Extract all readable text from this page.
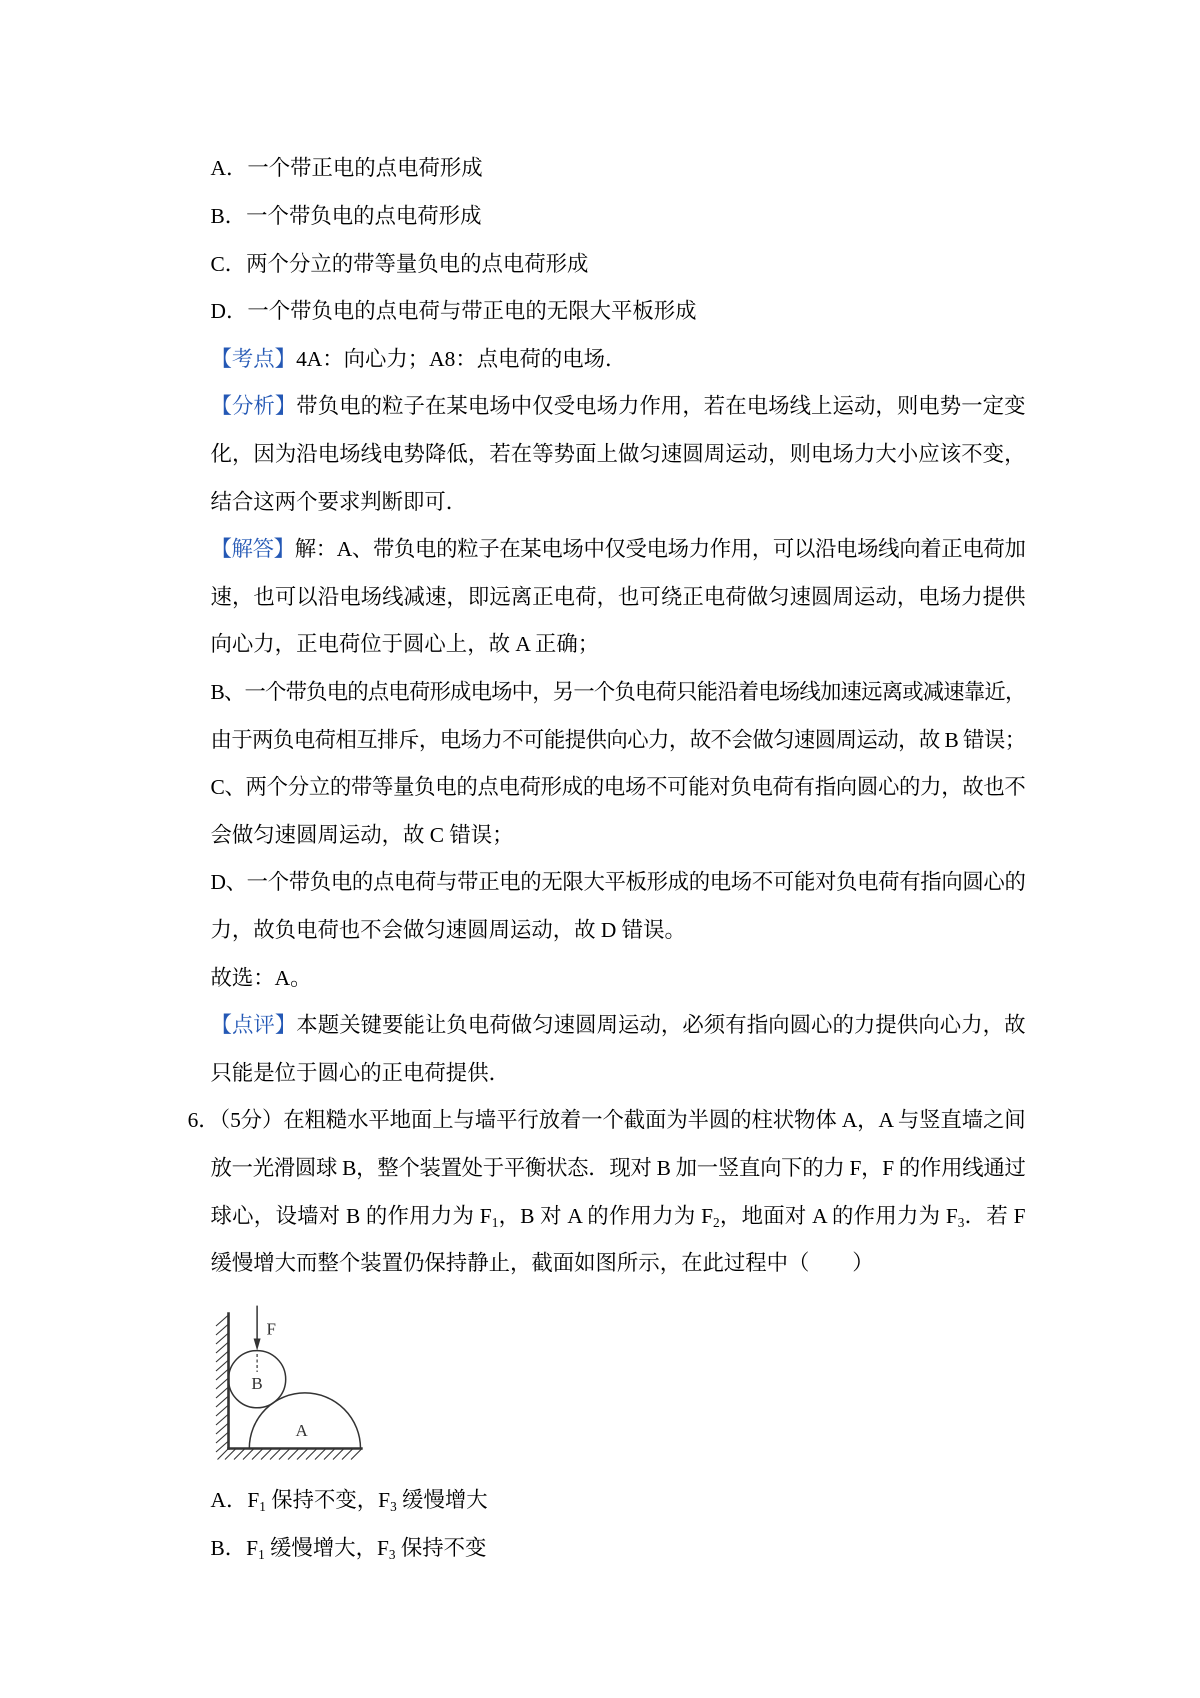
A．一个带正电的点电荷形成
B．一个带负电的点电荷形成
C．两个分立的带等量负电的点电荷形成
D．一个带负电的点电荷与带正电的无限大平板形成
【考点】4A：向心力；A8：点电荷的电场．
【分析】带负电的粒子在某电场中仅受电场力作用，若在电场线上运动，则电势一定变
化，因为沿电场线电势降低，若在等势面上做匀速圆周运动，则电场力大小应该不变，
结合这两个要求判断即可．
【解答】解：A、带负电的粒子在某电场中仅受电场力作用，可以沿电场线向着正电荷加
速，也可以沿电场线减速，即远离正电荷，也可绕正电荷做匀速圆周运动，电场力提供
向心力，正电荷位于圆心上，故 A 正确；
B、一个带负电的点电荷形成电场中，另一个负电荷只能沿着电场线加速远离或减速靠近，
由于两负电荷相互排斥，电场力不可能提供向心力，故不会做匀速圆周运动，故 B 错误；
C、两个分立的带等量负电的点电荷形成的电场不可能对负电荷有指向圆心的力，故也不
会做匀速圆周运动，故 C 错误；
D、一个带负电的点电荷与带正电的无限大平板形成的电场不可能对负电荷有指向圆心的
力，故负电荷也不会做匀速圆周运动，故 D 错误。
故选：A。
【点评】本题关键要能让负电荷做匀速圆周运动，必须有指向圆心的力提供向心力，故
只能是位于圆心的正电荷提供．
6．（5分）在粗糙水平地面上与墙平行放着一个截面为半圆的柱状物体 A，A 与竖直墙之间
放一光滑圆球 B，整个装置处于平衡状态．现对 B 加一竖直向下的力 F，F 的作用线通过
球心，设墙对 B 的作用力为 $F_1$，B 对 A 的作用力为 $F_2$，地面对 A 的作用力为 $F_3$．若 F
缓慢增大而整个装置仍保持静止，截面如图所示，在此过程中（　　）
F
B
A
A．$F_1$ 保持不变，$F_3$ 缓慢增大
B．$F_1$ 缓慢增大，$F_3$ 保持不变
